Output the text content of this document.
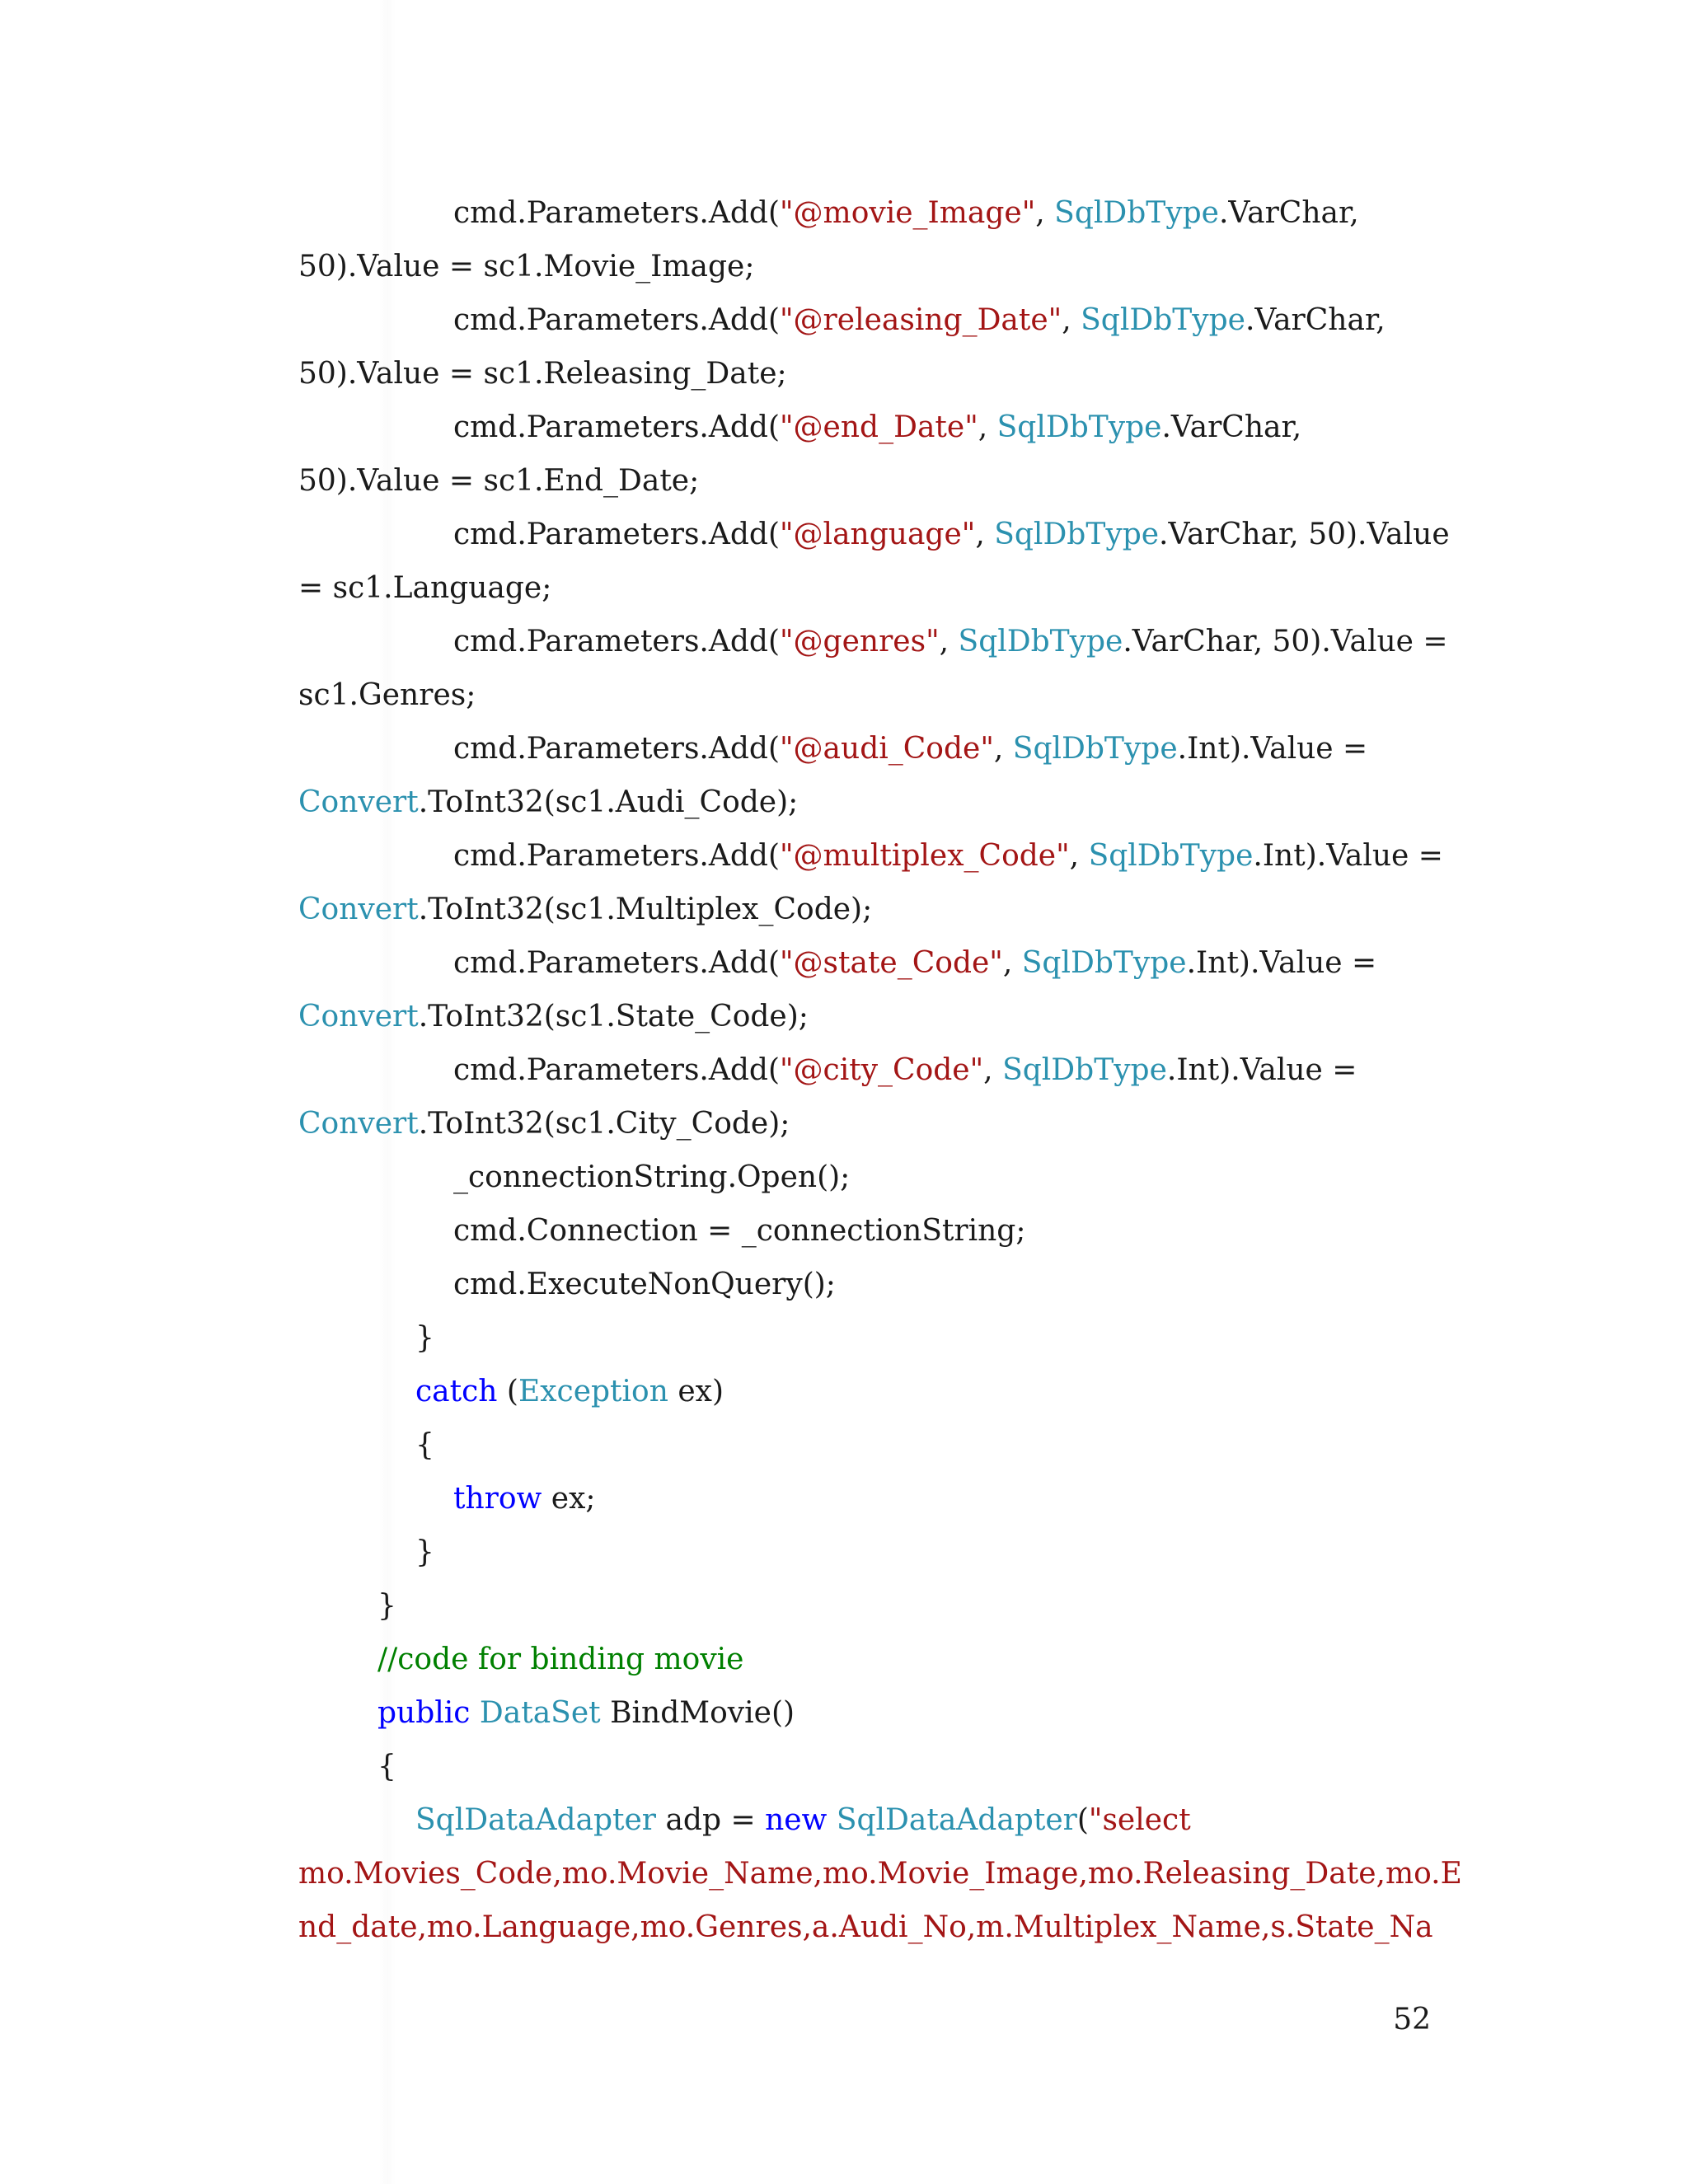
cmd.Parameters.Add("@movie_Image", SqlDbType.VarChar,
50).Value = sc1.Movie_Image;
cmd.Parameters.Add("@releasing_Date", SqlDbType.VarChar,
50).Value = sc1.Releasing_Date;
cmd.Parameters.Add("@end_Date", SqlDbType.VarChar,
50).Value = sc1.End_Date;
cmd.Parameters.Add("@language", SqlDbType.VarChar, 50).Value
= sc1.Language;
cmd.Parameters.Add("@genres", SqlDbType.VarChar, 50).Value =
sc1.Genres;
cmd.Parameters.Add("@audi_Code", SqlDbType.Int).Value =
Convert.ToInt32(sc1.Audi_Code);
cmd.Parameters.Add("@multiplex_Code", SqlDbType.Int).Value =
Convert.ToInt32(sc1.Multiplex_Code);
cmd.Parameters.Add("@state_Code", SqlDbType.Int).Value =
Convert.ToInt32(sc1.State_Code);
cmd.Parameters.Add("@city_Code", SqlDbType.Int).Value =
Convert.ToInt32(sc1.City_Code);
_connectionString.Open();
cmd.Connection = _connectionString;
cmd.ExecuteNonQuery();
}
catch (Exception ex)
{
throw ex;
}
}
//code for binding movie
public DataSet BindMovie()
{
SqlDataAdapter adp = new SqlDataAdapter("select
mo.Movies_Code,mo.Movie_Name,mo.Movie_Image,mo.Releasing_Date,mo.E
nd_date,mo.Language,mo.Genres,a.Audi_No,m.Multiplex_Name,s.State_Na
52
